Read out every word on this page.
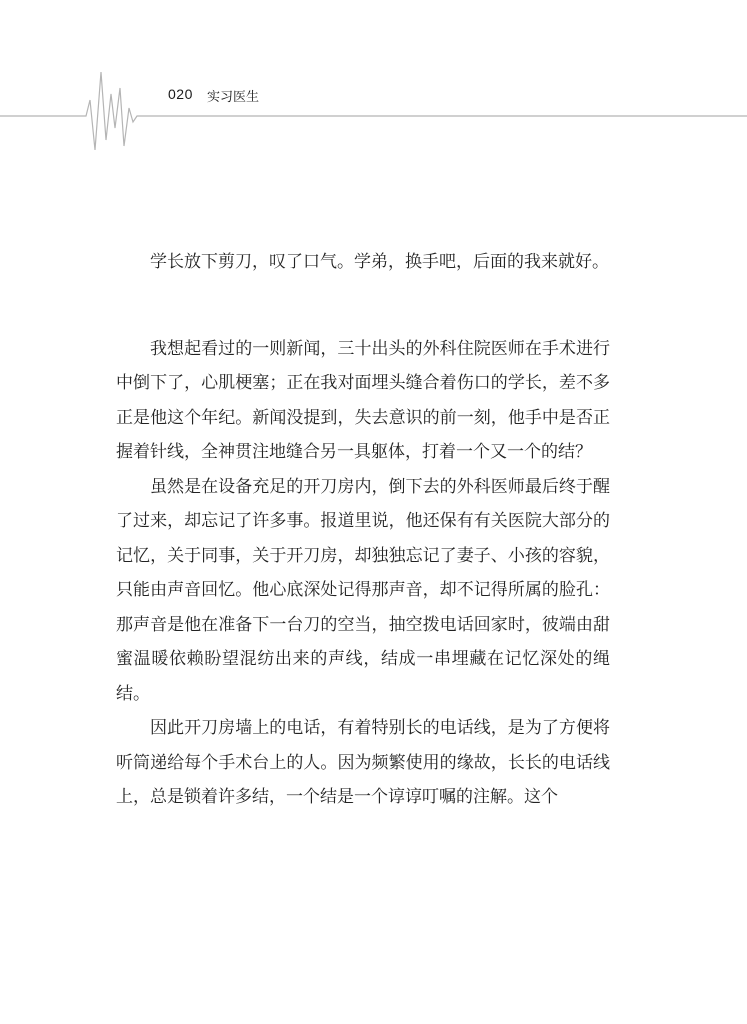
020 实习医生

学长放下剪刀，叹了口气。学弟，换手吧，后面的我来就好。

我想起看过的一则新闻，三十出头的外科住院医师在手术进行中倒下了，心肌梗塞；正在我对面埋头缝合着伤口的学长，差不多正是他这个年纪。新闻没提到，失去意识的前一刻，他手中是否正握着针线，全神贯注地缝合另一具躯体，打着一个又一个的结？

虽然是在设备充足的开刀房内，倒下去的外科医师最后终于醒了过来，却忘记了许多事。报道里说，他还保有有关医院大部分的记忆，关于同事，关于开刀房，却独独忘记了妻子、小孩的容貌，只能由声音回忆。他心底深处记得那声音，却不记得所属的脸孔：那声音是他在准备下一台刀的空当，抽空拨电话回家时，彼端由甜蜜温暖依赖盼望混纺出来的声线，结成一串埋藏在记忆深处的绳结。

因此开刀房墙上的电话，有着特别长的电话线，是为了方便将听筒递给每个手术台上的人。因为频繁使用的缘故，长长的电话线上，总是锁着许多结，一个结是一个谆谆叮嘱的注解。这个
